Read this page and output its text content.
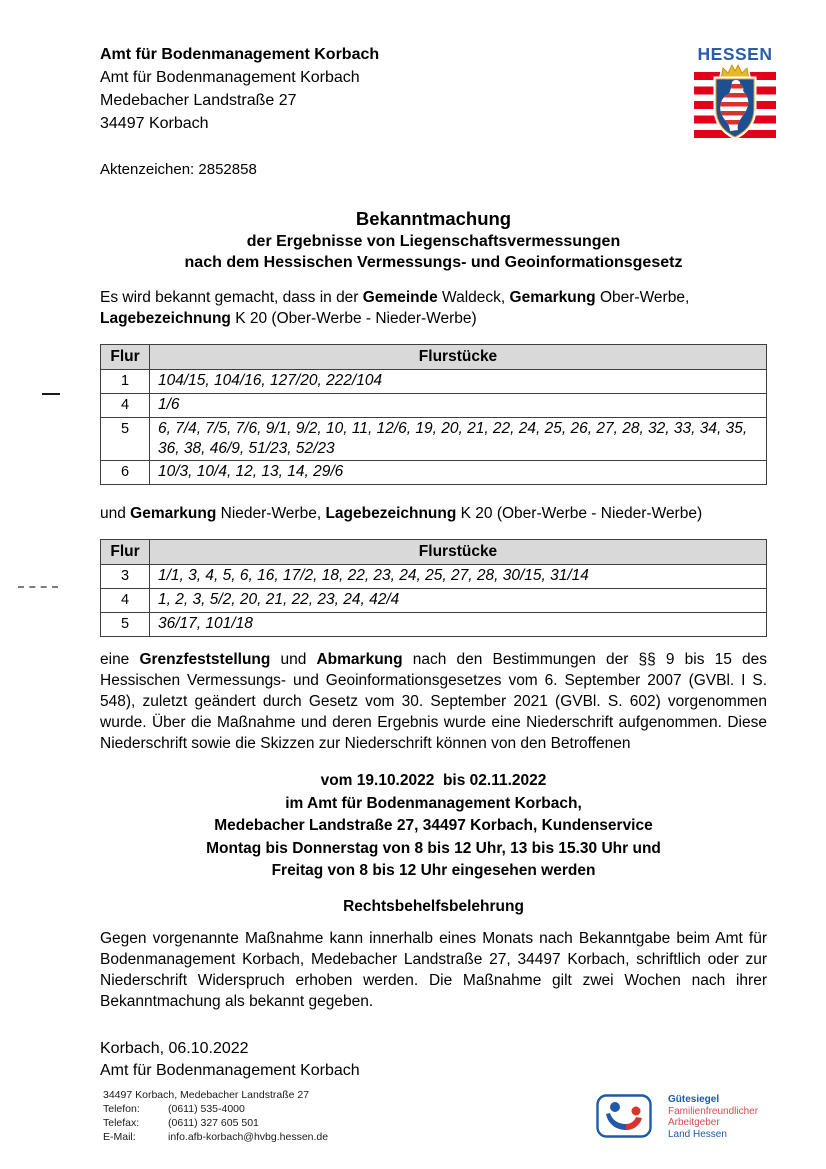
Amt für Bodenmanagement Korbach
Amt für Bodenmanagement Korbach
Medebacher Landstraße 27
34497 Korbach
HESSEN
Aktenzeichen: 2852858
Bekanntmachung
der Ergebnisse von Liegenschaftsvermessungen
nach dem Hessischen Vermessungs- und Geoinformationsgesetz
Es wird bekannt gemacht, dass in der Gemeinde Waldeck, Gemarkung Ober-Werbe, Lagebezeichnung K 20 (Ober-Werbe - Nieder-Werbe)
Flur	Flurstücke
1	104/15, 104/16, 127/20, 222/104
4	1/6
5	6, 7/4, 7/5, 7/6, 9/1, 9/2, 10, 11, 12/6, 19, 20, 21, 22, 24, 25, 26, 27, 28, 32, 33, 34, 35, 36, 38, 46/9, 51/23, 52/23
6	10/3, 10/4, 12, 13, 14, 29/6
und Gemarkung Nieder-Werbe, Lagebezeichnung K 20 (Ober-Werbe - Nieder-Werbe)
Flur	Flurstücke
3	1/1, 3, 4, 5, 6, 16, 17/2, 18, 22, 23, 24, 25, 27, 28, 30/15, 31/14
4	1, 2, 3, 5/2, 20, 21, 22, 23, 24, 42/4
5	36/17, 101/18
eine Grenzfeststellung und Abmarkung nach den Bestimmungen der §§ 9 bis 15 des Hessischen Vermessungs- und Geoinformationsgesetzes vom 6. September 2007 (GVBl. I S. 548), zuletzt geändert durch Gesetz vom 30. September 2021 (GVBl. S. 602) vorgenommen wurde. Über die Maßnahme und deren Ergebnis wurde eine Niederschrift aufgenommen. Diese Niederschrift sowie die Skizzen zur Niederschrift können von den Betroffenen
vom 19.10.2022  bis 02.11.2022
im Amt für Bodenmanagement Korbach,
Medebacher Landstraße 27, 34497 Korbach, Kundenservice
Montag bis Donnerstag von 8 bis 12 Uhr, 13 bis 15.30 Uhr und
Freitag von 8 bis 12 Uhr eingesehen werden
Rechtsbehelfsbelehrung
Gegen vorgenannte Maßnahme kann innerhalb eines Monats nach Bekanntgabe beim Amt für Bodenmanagement Korbach, Medebacher Landstraße 27, 34497 Korbach, schriftlich oder zur Niederschrift Widerspruch erhoben werden. Die Maßnahme gilt zwei Wochen nach ihrer Bekanntmachung als bekannt gegeben.
Korbach, 06.10.2022
Amt für Bodenmanagement Korbach
34497 Korbach, Medebacher Landstraße 27
Telefon:	(0611) 535-4000
Telefax:	(0611) 327 605 501
E-Mail:	info.afb-korbach@hvbg.hessen.de
Gütesiegel
Familienfreundlicher
Arbeitgeber
Land Hessen
